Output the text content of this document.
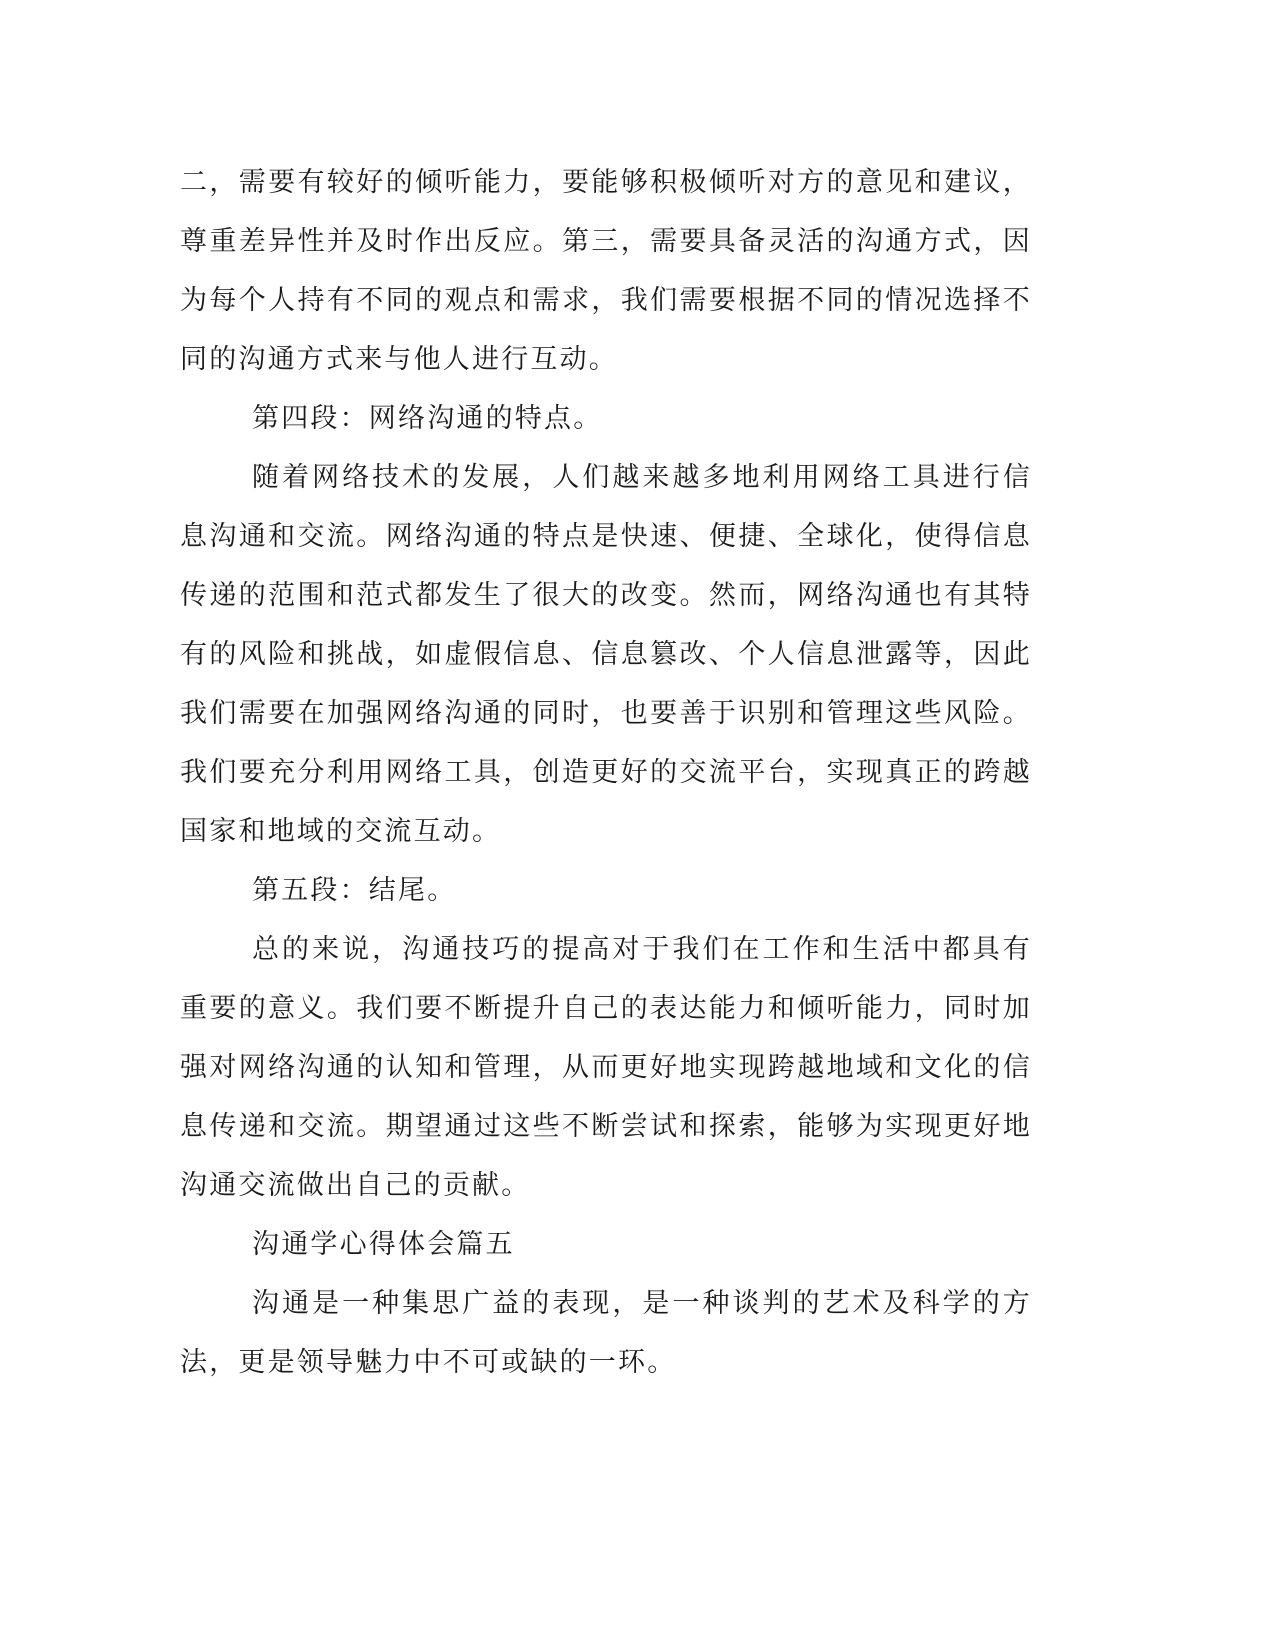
二，需要有较好的倾听能力，要能够积极倾听对方的意见和建议，尊重差异性并及时作出反应。第三，需要具备灵活的沟通方式，因为每个人持有不同的观点和需求，我们需要根据不同的情况选择不同的沟通方式来与他人进行互动。

第四段：网络沟通的特点。

随着网络技术的发展，人们越来越多地利用网络工具进行信息沟通和交流。网络沟通的特点是快速、便捷、全球化，使得信息传递的范围和范式都发生了很大的改变。然而，网络沟通也有其特有的风险和挑战，如虚假信息、信息篡改、个人信息泄露等，因此我们需要在加强网络沟通的同时，也要善于识别和管理这些风险。我们要充分利用网络工具，创造更好的交流平台，实现真正的跨越国家和地域的交流互动。

第五段：结尾。

总的来说，沟通技巧的提高对于我们在工作和生活中都具有重要的意义。我们要不断提升自己的表达能力和倾听能力，同时加强对网络沟通的认知和管理，从而更好地实现跨越地域和文化的信息传递和交流。期望通过这些不断尝试和探索，能够为实现更好地沟通交流做出自己的贡献。

沟通学心得体会篇五

沟通是一种集思广益的表现，是一种谈判的艺术及科学的方法，更是领导魅力中不可或缺的一环。
